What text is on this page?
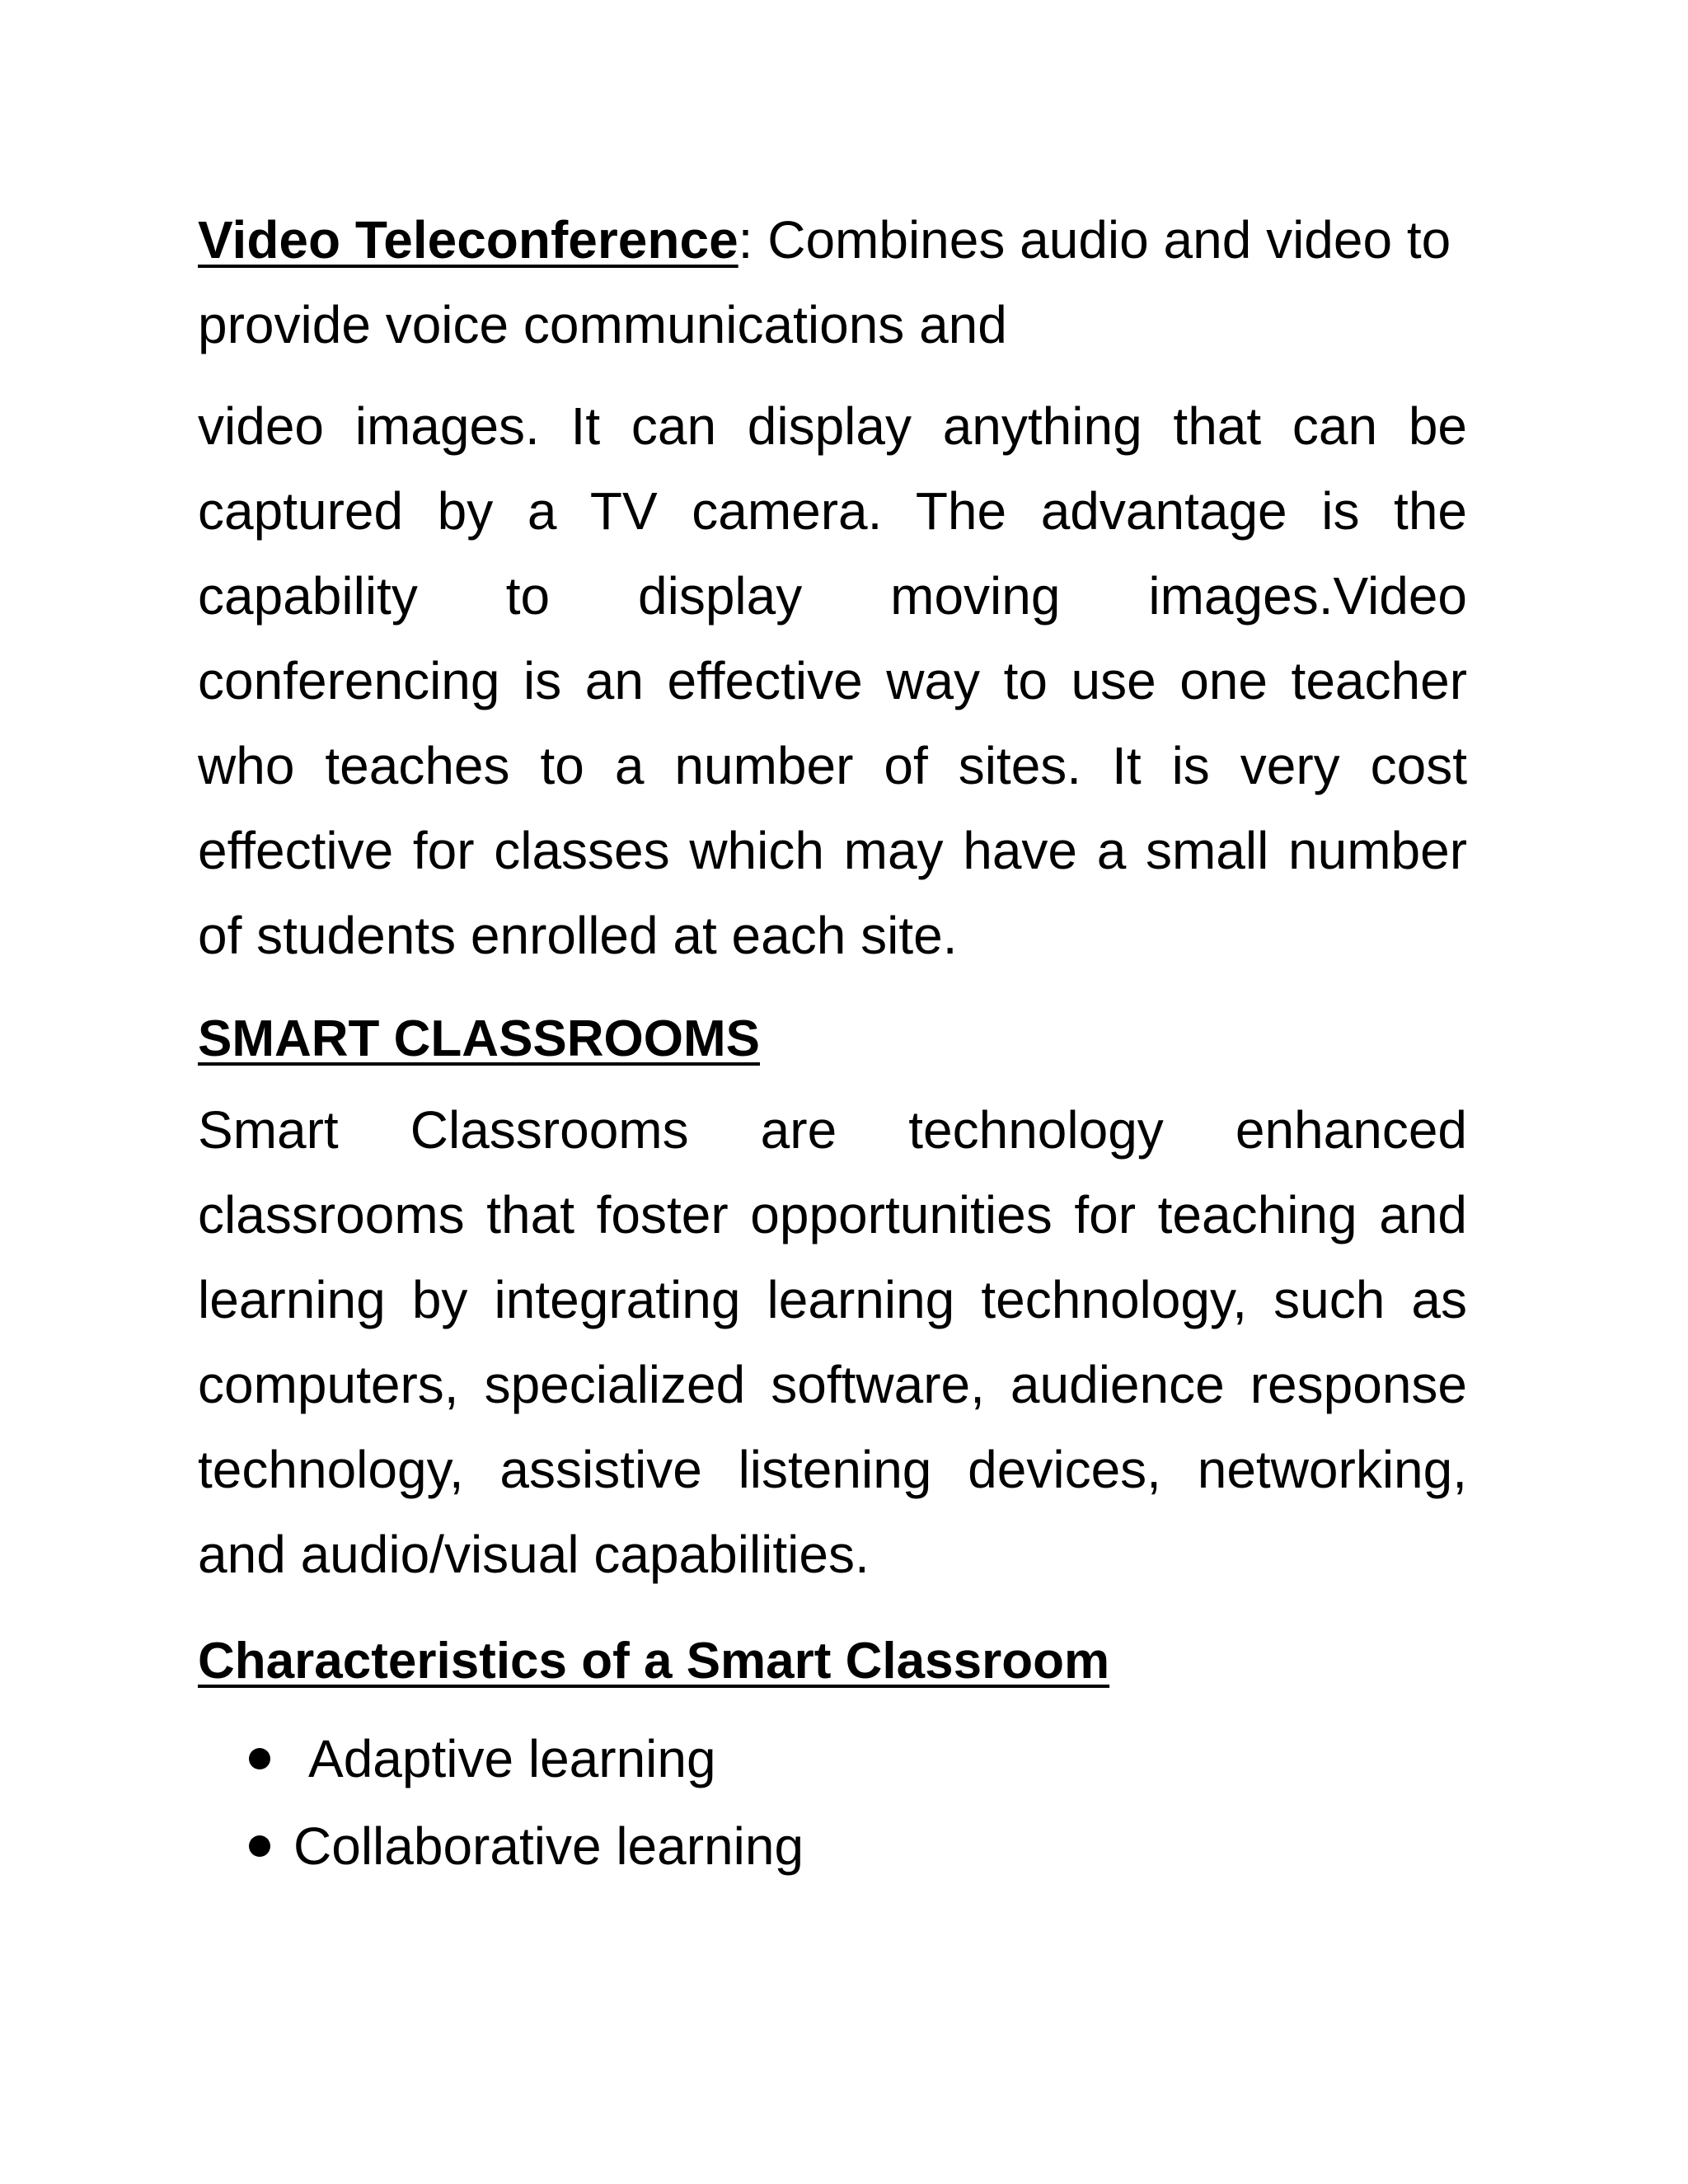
Video Teleconference: Combines audio and video to provide voice communications and

video images. It can display anything that can be captured by a TV camera. The advantage is the capability to display moving images.Video conferencing is an effective way to use one teacher who teaches to a number of sites. It is very cost effective for classes which may have a small number of students enrolled at each site.

SMART CLASSROOMS

Smart Classrooms are technology enhanced classrooms that foster opportunities for teaching and learning by integrating learning technology, such as computers, specialized software, audience response technology, assistive listening devices, networking, and audio/visual capabilities.

Characteristics of a Smart Classroom
Adaptive learning
Collaborative learning
